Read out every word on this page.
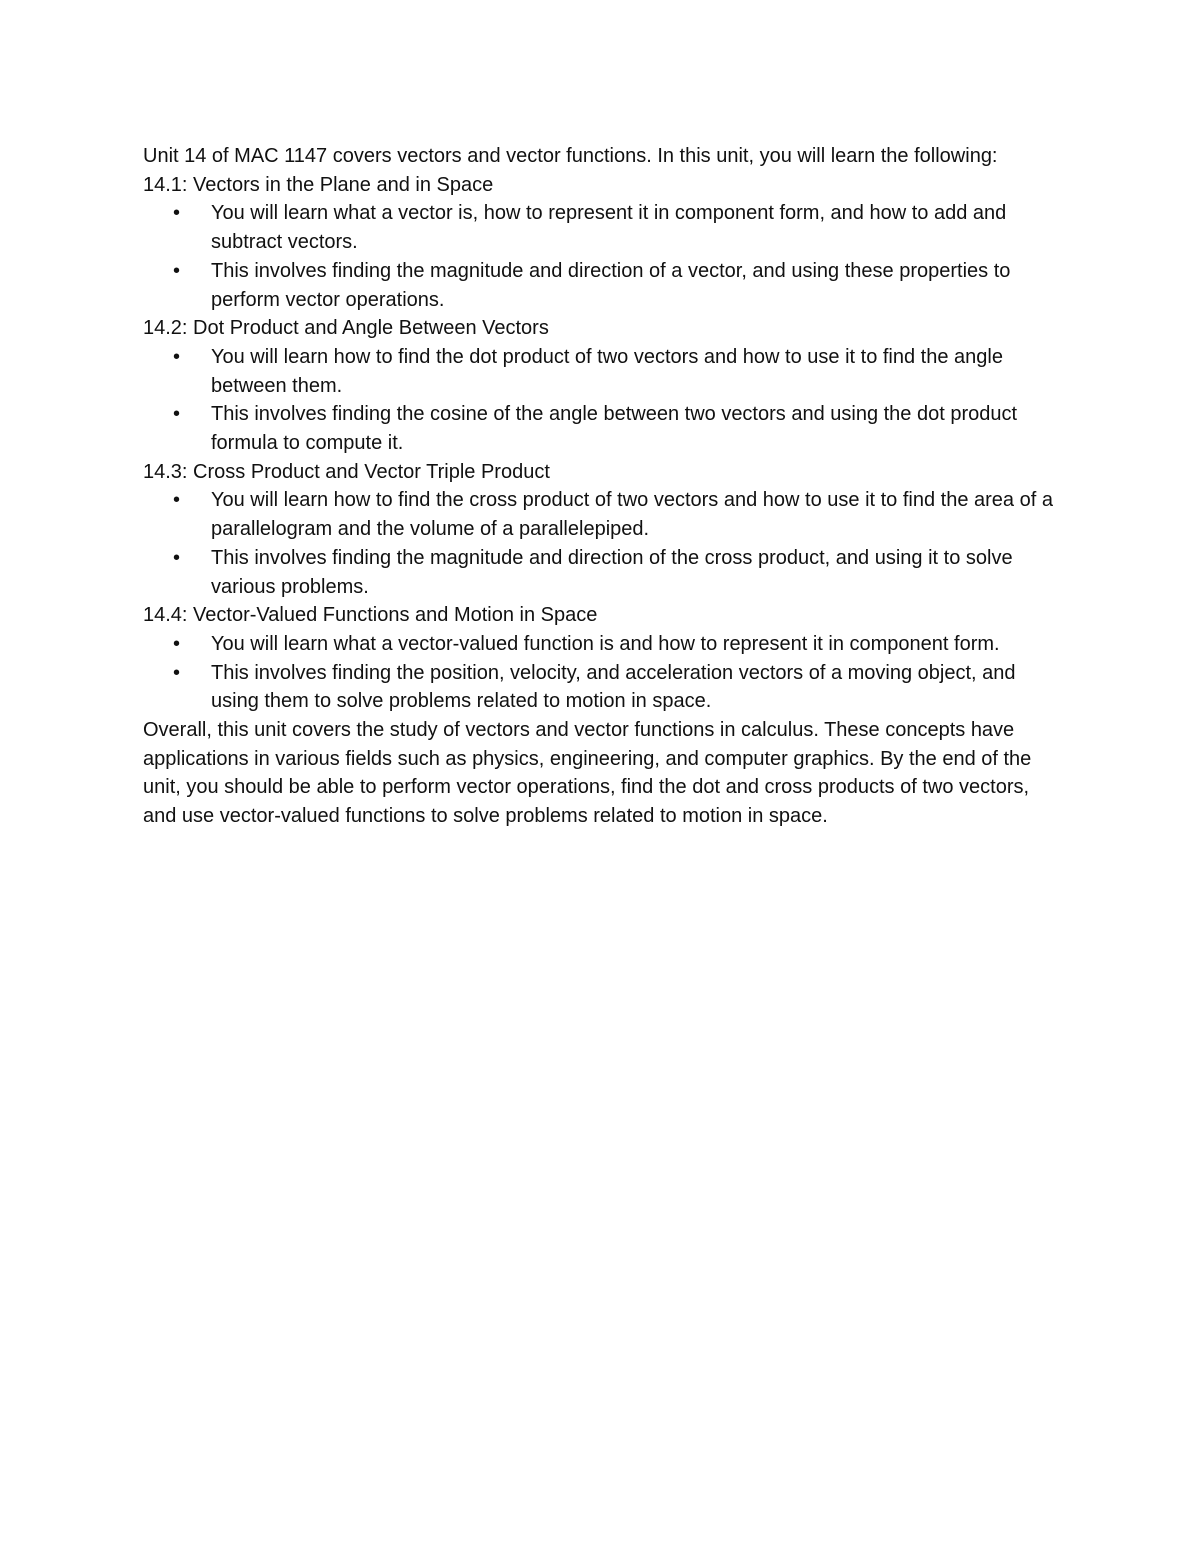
Unit 14 of MAC 1147 covers vectors and vector functions. In this unit, you will learn the following:

14.1: Vectors in the Plane and in Space

• You will learn what a vector is, how to represent it in component form, and how to add and subtract vectors.
• This involves finding the magnitude and direction of a vector, and using these properties to perform vector operations.

14.2: Dot Product and Angle Between Vectors

• You will learn how to find the dot product of two vectors and how to use it to find the angle between them.
• This involves finding the cosine of the angle between two vectors and using the dot product formula to compute it.

14.3: Cross Product and Vector Triple Product

• You will learn how to find the cross product of two vectors and how to use it to find the area of a parallelogram and the volume of a parallelepiped.
• This involves finding the magnitude and direction of the cross product, and using it to solve various problems.

14.4: Vector-Valued Functions and Motion in Space

• You will learn what a vector-valued function is and how to represent it in component form.
• This involves finding the position, velocity, and acceleration vectors of a moving object, and using them to solve problems related to motion in space.

Overall, this unit covers the study of vectors and vector functions in calculus. These concepts have applications in various fields such as physics, engineering, and computer graphics. By the end of the unit, you should be able to perform vector operations, find the dot and cross products of two vectors, and use vector-valued functions to solve problems related to motion in space.
